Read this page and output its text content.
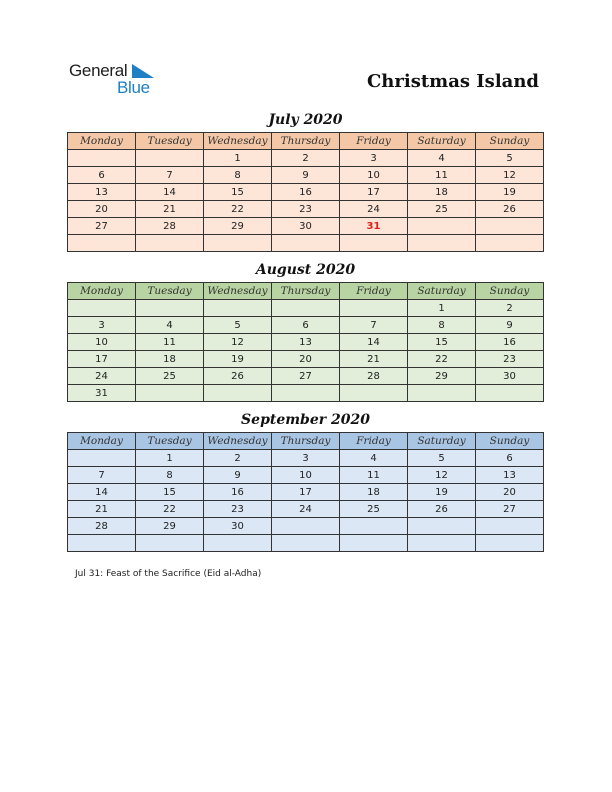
General
Blue	Christmas Island
July 2020
Monday	Tuesday	Wednesday	Thursday	Friday	Saturday	Sunday
		1	2	3	4	5
6	7	8	9	10	11	12
13	14	15	16	17	18	19
20	21	22	23	24	25	26
27	28	29	30	31		

August 2020
Monday	Tuesday	Wednesday	Thursday	Friday	Saturday	Sunday
					1	2
3	4	5	6	7	8	9
10	11	12	13	14	15	16
17	18	19	20	21	22	23
24	25	26	27	28	29	30
31						
September 2020
Monday	Tuesday	Wednesday	Thursday	Friday	Saturday	Sunday
	1	2	3	4	5	6
7	8	9	10	11	12	13
14	15	16	17	18	19	20
21	22	23	24	25	26	27
28	29	30				

Jul 31: Feast of the Sacrifice (Eid al-Adha)
